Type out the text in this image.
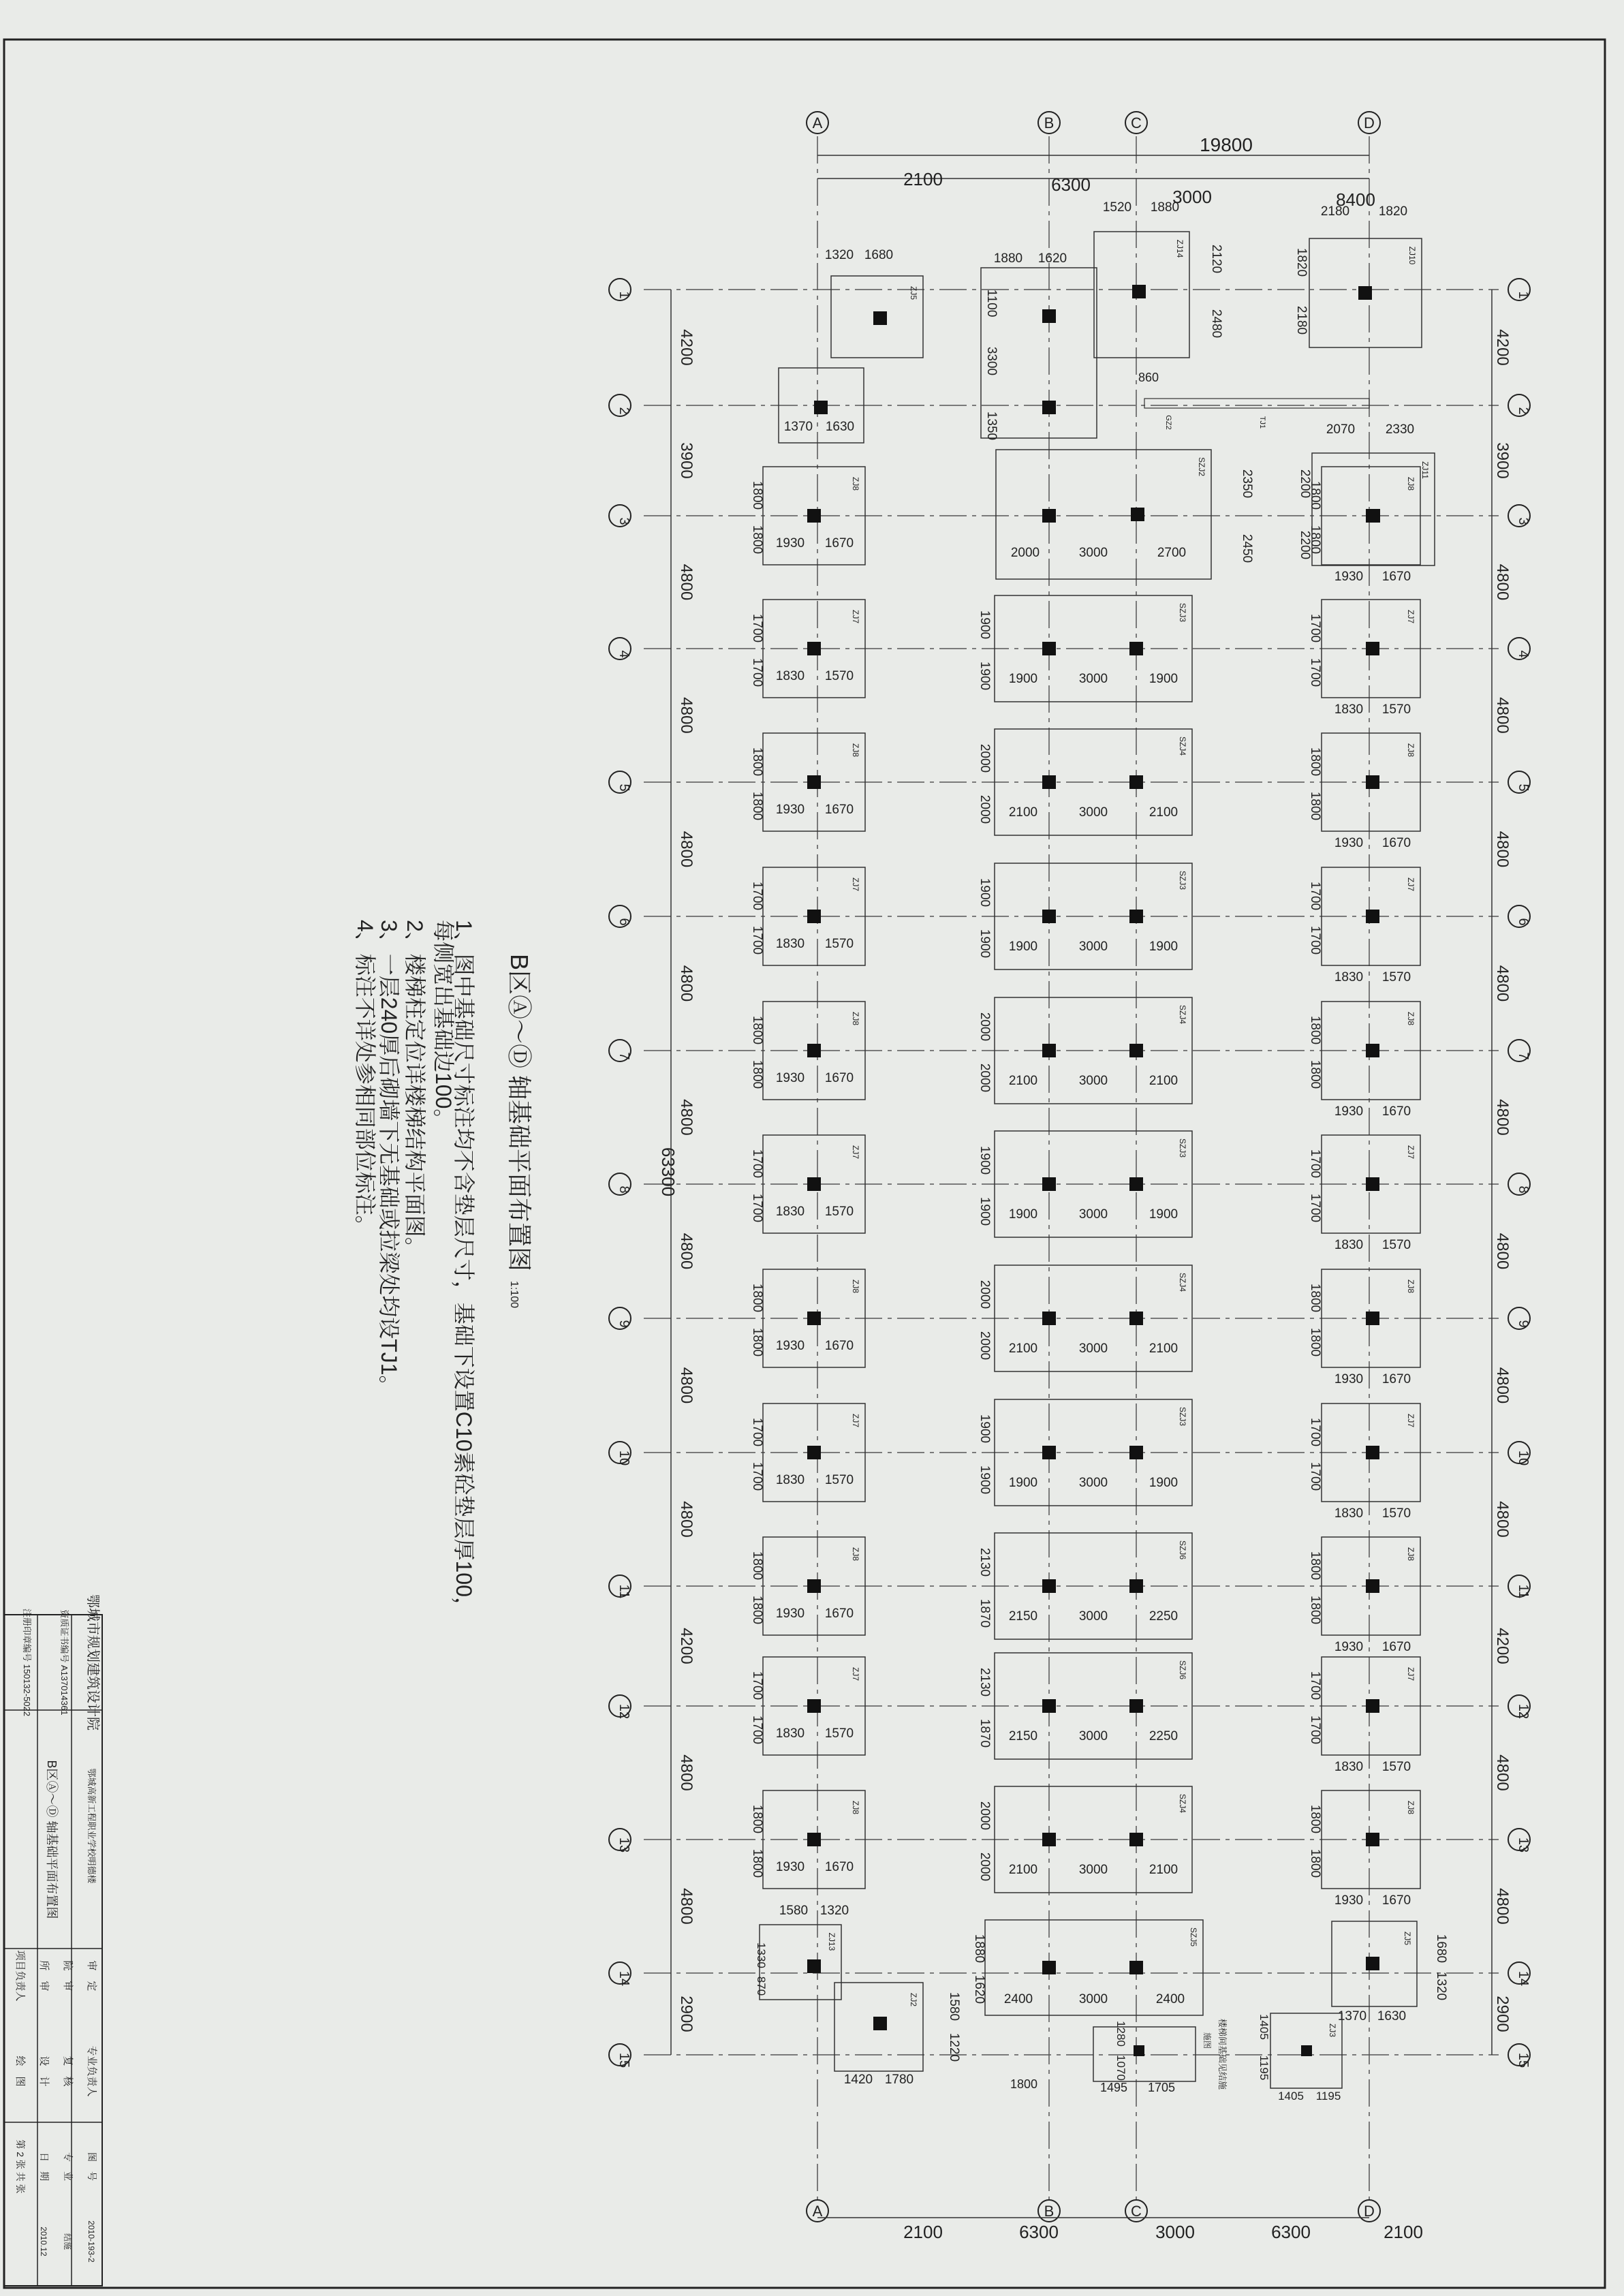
A
A
B
B
C
C
D
D
1	1
2	2
3	3
4	4
5	5
6	6
7	7
8	8
9	9
10	10
11	11
12	12
13	13
14	14
15	15
ZJ8
1800
1800 1930 1670
ZJ8
1800
1800
1930 1670
ZJ7
1700
1700 1830 1570
ZJ7
1700
1700
1830 1570
SZJ3
1900
1900 1900	3000	1900
ZJ8
1800
1800 1930 1670
ZJ8
1800
1800
1930 1670
SZJ4
2000
2000 2100	3000	2100
ZJ7
1700
1700 1830 1570
ZJ7
1700
1700
1830 1570
SZJ3
1900
1900 1900	3000	1900
ZJ8
1800
1800 1930 1670
ZJ8
1800
1800
1930 1670
SZJ4
2000
2000 2100	3000	2100
ZJ7
1700
1700 1830 1570
ZJ7
1700
1700
1830 1570
SZJ3
1900
1900 1900	3000	1900
ZJ8
1800
1800 1930 1670
ZJ8
1800
1800
1930 1670
SZJ4
2000
2000 2100	3000	2100
ZJ7
1700
1700 1830 1570
ZJ7
1700
1700
1830 1570
SZJ3
1900
1900 1900	3000	1900
ZJ8
1800
1800 1930 1670
ZJ8
1800
1800
1930 1670
SZJ6
2130
1870 2150	3000	2250
ZJ7
1700
1700 1830 1570
ZJ7
1700
1700
1830 1570
SZJ6
2130
1870 2150	3000	2250
ZJ8
1800
1800 1930 1670
ZJ8
1800
1800
1930 1670
SZJ4
2000
2000 2100	3000	2100
ZJ5
1320 1680
1370 1630
1880 1620
1100
3300
1350
ZJ14
1520 1880
2120
2480
ZJ10
2180 1820
1820
2180
SZJ2
2000	3000	2700
2350
2450
ZJ11
2070 2330
2200
2200
860
TJ1
GZ2
SZJ5
1880
1620 2400	3000	2400
ZJ13
1580 1320
1330
870
ZJ2
1420 1780
1580
1220
ZJ5
1370 1630
1680
1320
ZJ3
1405
1195
1405 1195
1800	1495 1705
1280
1070	楼梯间基础见结施
施图
19800
2100	6300
3000	8400
2100	6300	3000	6300	2100
4200	4200
3900	3900
4800	4800
4800	4800
4800	4800
4800	4800
4800	4800
4800	4800
4800	4800
4800	4800
4200	4200
4800	4800
4800	4800
2900	2900
63300
B区Ⓐ～Ⓓ 轴基础平面布置图
1:100
1、图中基础尺寸标注均不含垫层尺寸，基础下设置C10素砼垫层厚100，
每侧宽出基础边100。
2、楼梯柱定位详楼梯结构平面图。
3、一层240厚后砌墙下无基础或拉梁处均设TJ1。
4、标注不详处参相同部位标注。
鄂城市规划建筑设计院
资质证书编号 A137014361
注册印章编号 150132-5022
鄂城高新工程职业学校明德楼
B区Ⓐ～Ⓓ 轴基础平面布置图
审　定
院　审
所　审
项目负责人
专业负责人
复　核
设　计
绘　图
图　号
专　业
日　期
第 2 张 共 张
2010-193-2
结施
2010.12
